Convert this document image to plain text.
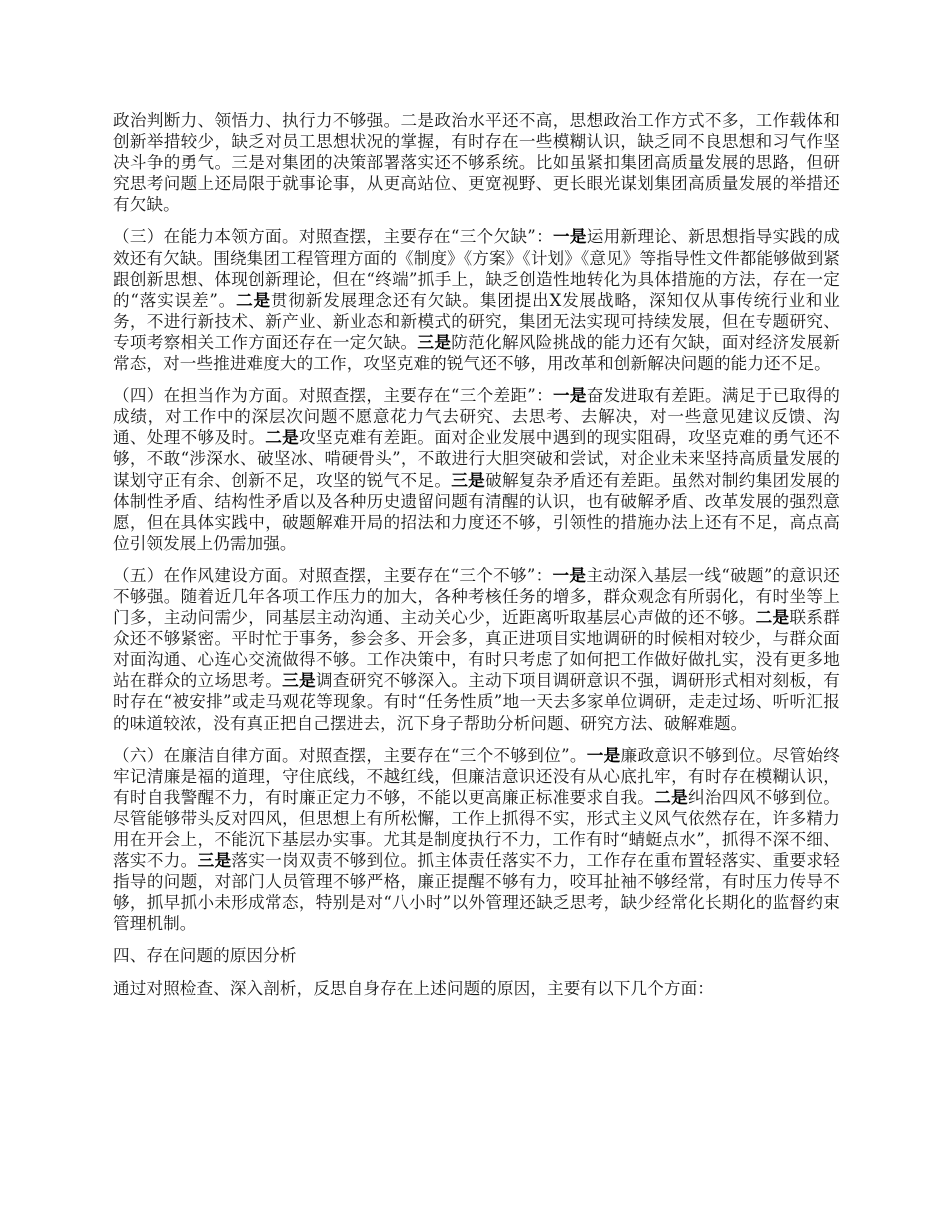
政治判断力、领悟力、执行力不够强。二是政治水平还不高，思想政治工作方式不多，工作载体和创新举措较少，缺乏对员工思想状况的掌握，有时存在一些模糊认识，缺乏同不良思想和习气作坚决斗争的勇气。三是对集团的决策部署落实还不够系统。比如虽紧扣集团高质量发展的思路，但研究思考问题上还局限于就事论事，从更高站位、更宽视野、更长眼光谋划集团高质量发展的举措还有欠缺。

（三）在能力本领方面。对照查摆，主要存在“三个欠缺”：一是运用新理论、新思想指导实践的成效还有欠缺。围绕集团工程管理方面的《制度》《方案》《计划》《意见》等指导性文件都能够做到紧跟创新思想、体现创新理论，但在“终端”抓手上，缺乏创造性地转化为具体措施的方法，存在一定的“落实误差”。二是贯彻新发展理念还有欠缺。集团提出X发展战略，深知仅从事传统行业和业务，不进行新技术、新产业、新业态和新模式的研究，集团无法实现可持续发展，但在专题研究、专项考察相关工作方面还存在一定欠缺。三是防范化解风险挑战的能力还有欠缺，面对经济发展新常态，对一些推进难度大的工作，攻坚克难的锐气还不够，用改革和创新解决问题的能力还不足。

（四）在担当作为方面。对照查摆，主要存在“三个差距”：一是奋发进取有差距。满足于已取得的成绩，对工作中的深层次问题不愿意花力气去研究、去思考、去解决，对一些意见建议反馈、沟通、处理不够及时。二是攻坚克难有差距。面对企业发展中遇到的现实阻碍，攻坚克难的勇气还不够，不敢“涉深水、破坚冰、啃硬骨头”，不敢进行大胆突破和尝试，对企业未来坚持高质量发展的谋划守正有余、创新不足，攻坚的锐气不足。三是破解复杂矛盾还有差距。虽然对制约集团发展的体制性矛盾、结构性矛盾以及各种历史遗留问题有清醒的认识，也有破解矛盾、改革发展的强烈意愿，但在具体实践中，破题解难开局的招法和力度还不够，引领性的措施办法上还有不足，高点高位引领发展上仍需加强。

（五）在作风建设方面。对照查摆，主要存在“三个不够”：一是主动深入基层一线“破题”的意识还不够强。随着近几年各项工作压力的加大，各种考核任务的增多，群众观念有所弱化，有时坐等上门多，主动问需少，同基层主动沟通、主动关心少，近距离听取基层心声做的还不够。二是联系群众还不够紧密。平时忙于事务，参会多、开会多，真正进项目实地调研的时候相对较少，与群众面对面沟通、心连心交流做得不够。工作决策中，有时只考虑了如何把工作做好做扎实，没有更多地站在群众的立场思考。三是调查研究不够深入。主动下项目调研意识不强，调研形式相对刻板，有时存在“被安排”或走马观花等现象。有时“任务性质”地一天去多家单位调研，走走过场、听听汇报的味道较浓，没有真正把自己摆进去，沉下身子帮助分析问题、研究方法、破解难题。

（六）在廉洁自律方面。对照查摆，主要存在“三个不够到位”。一是廉政意识不够到位。尽管始终牢记清廉是福的道理，守住底线，不越红线，但廉洁意识还没有从心底扎牢，有时存在模糊认识，有时自我警醒不力，有时廉正定力不够，不能以更高廉正标准要求自我。二是纠治四风不够到位。尽管能够带头反对四风，但思想上有所松懈，工作上抓得不实，形式主义风气依然存在，许多精力用在开会上，不能沉下基层办实事。尤其是制度执行不力，工作有时“蜻蜓点水”，抓得不深不细、落实不力。三是落实一岗双责不够到位。抓主体责任落实不力，工作存在重布置轻落实、重要求轻指导的问题，对部门人员管理不够严格，廉正提醒不够有力，咬耳扯袖不够经常，有时压力传导不够，抓早抓小未形成常态，特别是对“八小时”以外管理还缺乏思考，缺少经常化长期化的监督约束管理机制。

四、存在问题的原因分析

通过对照检查、深入剖析，反思自身存在上述问题的原因，主要有以下几个方面：
